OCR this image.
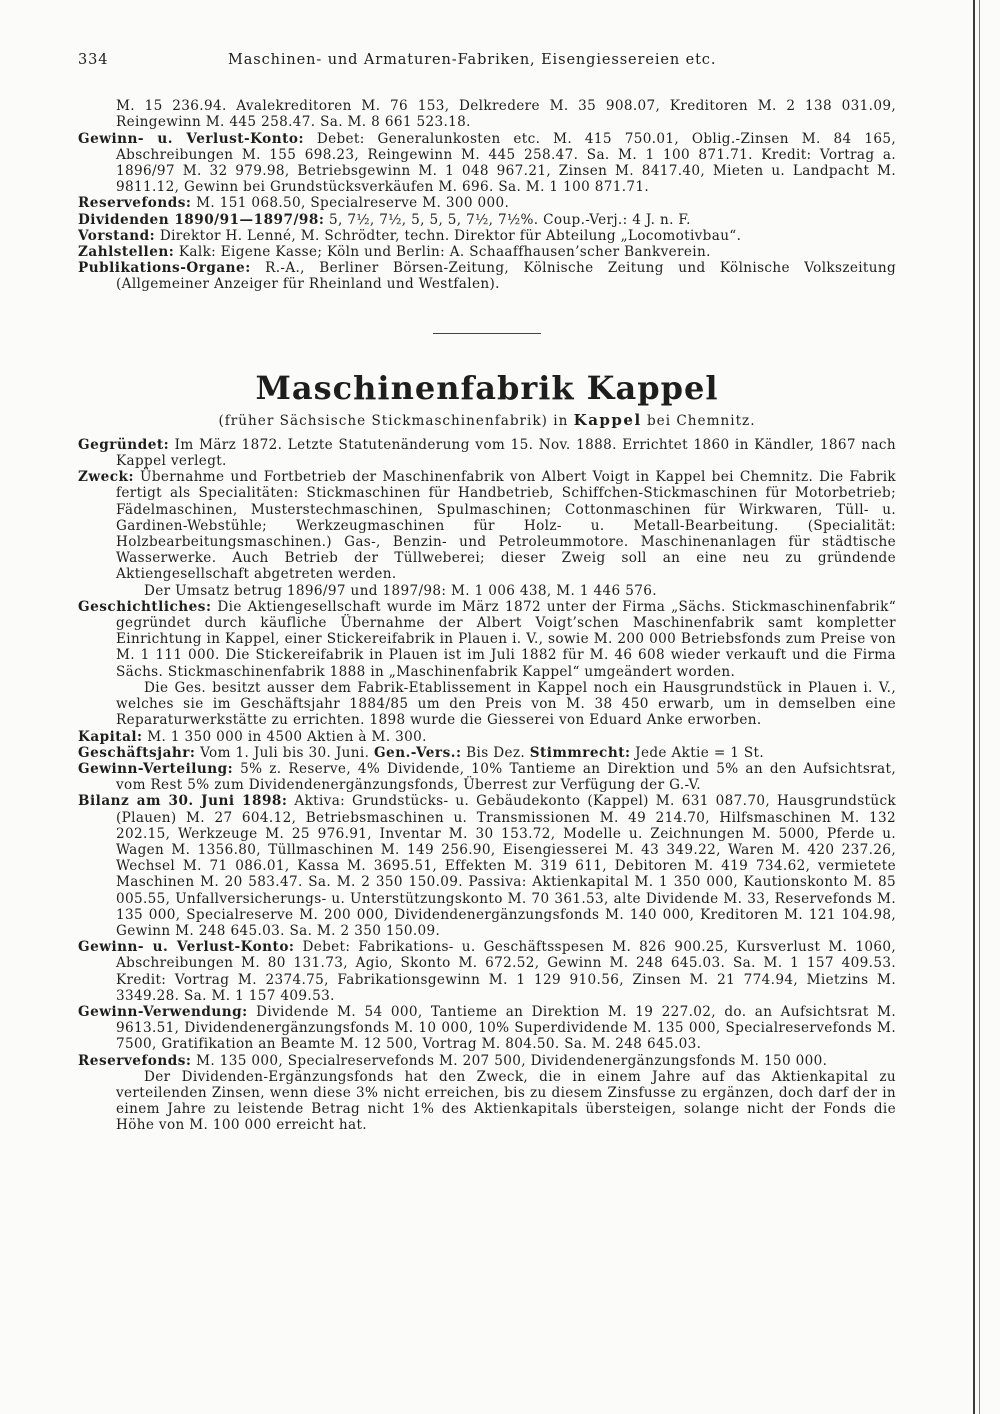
334	Maschinen- und Armaturen-Fabriken, Eisengiessereien etc.

M. 15 236.94. Avalekreditoren M. 76 153, Delkredere M. 35 908.07, Kreditoren M. 2 138 031.09, Reingewinn M. 445 258.47. Sa. M. 8 661 523.18.

Gewinn- u. Verlust-Konto: Debet: Generalunkosten etc. M. 415 750.01, Oblig.-Zinsen M. 84 165, Abschreibungen M. 155 698.23, Reingewinn M. 445 258.47. Sa. M. 1 100 871.71. Kredit: Vortrag a. 1896/97 M. 32 979.98, Betriebsgewinn M. 1 048 967.21, Zinsen M. 8417.40, Mieten u. Landpacht M. 9811.12, Gewinn bei Grundstücksverkäufen M. 696. Sa. M. 1 100 871.71.

Reservefonds: M. 151 068.50, Specialreserve M. 300 000.

Dividenden 1890/91—1897/98: 5, 7½, 7½, 5, 5, 5, 7½, 7½%. Coup.-Verj.: 4 J. n. F.

Vorstand: Direktor H. Lenné, M. Schrödter, techn. Direktor für Abteilung „Locomotivbau“.

Zahlstellen: Kalk: Eigene Kasse; Köln und Berlin: A. Schaaffhausen’scher Bankverein.

Publikations-Organe: R.-A., Berliner Börsen-Zeitung, Kölnische Zeitung und Kölnische Volkszeitung (Allgemeiner Anzeiger für Rheinland und Westfalen).

Maschinenfabrik Kappel

(früher Sächsische Stickmaschinenfabrik) in Kappel bei Chemnitz.

Gegründet: Im März 1872. Letzte Statutenänderung vom 15. Nov. 1888. Errichtet 1860 in Kändler, 1867 nach Kappel verlegt.

Zweck: Übernahme und Fortbetrieb der Maschinenfabrik von Albert Voigt in Kappel bei Chemnitz. Die Fabrik fertigt als Specialitäten: Stickmaschinen für Handbetrieb, Schiffchen-Stickmaschinen für Motorbetrieb; Fädelmaschinen, Musterstechmaschinen, Spulmaschinen; Cottonmaschinen für Wirkwaren, Tüll- u. Gardinen-Webstühle; Werkzeugmaschinen für Holz- u. Metall-Bearbeitung. (Specialität: Holzbearbeitungsmaschinen.) Gas-, Benzin- und Petroleummotore. Maschinenanlagen für städtische Wasserwerke. Auch Betrieb der Tüllweberei; dieser Zweig soll an eine neu zu gründende Aktiengesellschaft abgetreten werden.

Der Umsatz betrug 1896/97 und 1897/98: M. 1 006 438, M. 1 446 576.

Geschichtliches: Die Aktiengesellschaft wurde im März 1872 unter der Firma „Sächs. Stickmaschinenfabrik“ gegründet durch käufliche Übernahme der Albert Voigt’schen Maschinenfabrik samt kompletter Einrichtung in Kappel, einer Stickereifabrik in Plauen i. V., sowie M. 200 000 Betriebsfonds zum Preise von M. 1 111 000. Die Stickereifabrik in Plauen ist im Juli 1882 für M. 46 608 wieder verkauft und die Firma Sächs. Stickmaschinenfabrik 1888 in „Maschinenfabrik Kappel“ umgeändert worden.

Die Ges. besitzt ausser dem Fabrik-Etablissement in Kappel noch ein Hausgrundstück in Plauen i. V., welches sie im Geschäftsjahr 1884/85 um den Preis von M. 38 450 erwarb, um in demselben eine Reparaturwerkstätte zu errichten. 1898 wurde die Giesserei von Eduard Anke erworben.

Kapital: M. 1 350 000 in 4500 Aktien à M. 300.

Geschäftsjahr: Vom 1. Juli bis 30. Juni. Gen.-Vers.: Bis Dez. Stimmrecht: Jede Aktie = 1 St.

Gewinn-Verteilung: 5% z. Reserve, 4% Dividende, 10% Tantieme an Direktion und 5% an den Aufsichtsrat, vom Rest 5% zum Dividendenergänzungsfonds, Überrest zur Verfügung der G.-V.

Bilanz am 30. Juni 1898: Aktiva: Grundstücks- u. Gebäudekonto (Kappel) M. 631 087.70, Hausgrundstück (Plauen) M. 27 604.12, Betriebsmaschinen u. Transmissionen M. 49 214.70, Hilfsmaschinen M. 132 202.15, Werkzeuge M. 25 976.91, Inventar M. 30 153.72, Modelle u. Zeichnungen M. 5000, Pferde u. Wagen M. 1356.80, Tüllmaschinen M. 149 256.90, Eisengiesserei M. 43 349.22, Waren M. 420 237.26, Wechsel M. 71 086.01, Kassa M. 3695.51, Effekten M. 319 611, Debitoren M. 419 734.62, vermietete Maschinen M. 20 583.47. Sa. M. 2 350 150.09. Passiva: Aktienkapital M. 1 350 000, Kautionskonto M. 85 005.55, Unfallversicherungs- u. Unterstützungskonto M. 70 361.53, alte Dividende M. 33, Reservefonds M. 135 000, Specialreserve M. 200 000, Dividendenergänzungsfonds M. 140 000, Kreditoren M. 121 104.98, Gewinn M. 248 645.03. Sa. M. 2 350 150.09.

Gewinn- u. Verlust-Konto: Debet: Fabrikations- u. Geschäftsspesen M. 826 900.25, Kursverlust M. 1060, Abschreibungen M. 80 131.73, Agio, Skonto M. 672.52, Gewinn M. 248 645.03. Sa. M. 1 157 409.53. Kredit: Vortrag M. 2374.75, Fabrikationsgewinn M. 1 129 910.56, Zinsen M. 21 774.94, Mietzins M. 3349.28. Sa. M. 1 157 409.53.

Gewinn-Verwendung: Dividende M. 54 000, Tantieme an Direktion M. 19 227.02, do. an Aufsichtsrat M. 9613.51, Dividendenergänzungsfonds M. 10 000, 10% Superdividende M. 135 000, Specialreservefonds M. 7500, Gratifikation an Beamte M. 12 500, Vortrag M. 804.50. Sa. M. 248 645.03.

Reservefonds: M. 135 000, Specialreservefonds M. 207 500, Dividendenergänzungsfonds M. 150 000.

Der Dividenden-Ergänzungsfonds hat den Zweck, die in einem Jahre auf das Aktienkapital zu verteilenden Zinsen, wenn diese 3% nicht erreichen, bis zu diesem Zinsfusse zu ergänzen, doch darf der in einem Jahre zu leistende Betrag nicht 1% des Aktienkapitals übersteigen, solange nicht der Fonds die Höhe von M. 100 000 erreicht hat.
